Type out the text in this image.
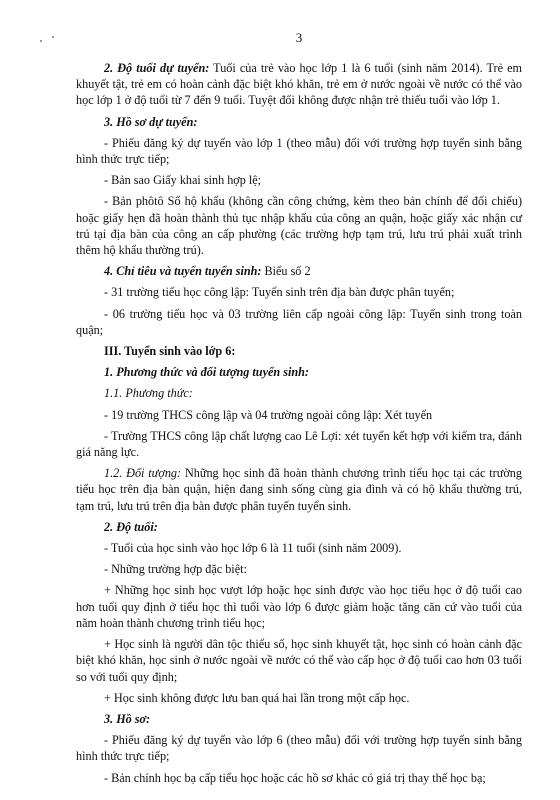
3
2. Độ tuổi dự tuyển: Tuổi của trẻ vào học lớp 1 là 6 tuổi (sinh năm 2014). Trẻ em khuyết tật, trẻ em có hoàn cảnh đặc biệt khó khăn, trẻ em ở nước ngoài về nước có thể vào học lớp 1 ở độ tuổi từ 7 đến 9 tuổi. Tuyệt đối không được nhận trẻ thiếu tuổi vào lớp 1.
3. Hồ sơ dự tuyển:
- Phiếu đăng ký dự tuyển vào lớp 1 (theo mẫu) đối với trường hợp tuyển sinh bằng hình thức trực tiếp;
- Bản sao Giấy khai sinh hợp lệ;
- Bản phôtô Sổ hộ khẩu (không cần công chứng, kèm theo bản chính để đối chiếu) hoặc giấy hẹn đã hoàn thành thủ tục nhập khẩu của công an quận, hoặc giấy xác nhận cư trú tại địa bàn của công an cấp phường (các trường hợp tạm trú, lưu trú phải xuất trình thêm hộ khẩu thường trú).
4. Chỉ tiêu và tuyển tuyển sinh: Biểu số 2
- 31 trường tiểu học công lập: Tuyển sinh trên địa bàn được phân tuyến;
- 06 trường tiểu học và 03 trường liên cấp ngoài công lập: Tuyển sinh trong toàn quận;
III. Tuyển sinh vào lớp 6:
1. Phương thức và đối tượng tuyển sinh:
1.1. Phương thức:
- 19 trường THCS công lập và 04 trường ngoài công lập: Xét tuyển
- Trường THCS công lập chất lượng cao Lê Lợi: xét tuyển kết hợp với kiểm tra, đánh giá năng lực.
1.2. Đối tượng: Những học sinh đã hoàn thành chương trình tiểu học tại các trường tiểu học trên địa bàn quận, hiện đang sinh sống cùng gia đình và có hộ khẩu thường trú, tạm trú, lưu trú trên địa bàn được phân tuyến tuyển sinh.
2. Độ tuổi:
- Tuổi của học sinh vào học lớp 6 là 11 tuổi (sinh năm 2009).
- Những trường hợp đặc biệt:
+ Những học sinh học vượt lớp hoặc học sinh được vào học tiểu học ở độ tuổi cao hơn tuổi quy định ở tiểu học thì tuổi vào lớp 6 được giảm hoặc tăng căn cứ vào tuổi của năm hoàn thành chương trình tiểu học;
+ Học sinh là người dân tộc thiểu số, học sinh khuyết tật, học sinh có hoàn cảnh đặc biệt khó khăn, học sinh ở nước ngoài về nước có thể vào cấp học ở độ tuổi cao hơn 03 tuổi so với tuổi quy định;
+ Học sinh không được lưu ban quá hai lần trong một cấp học.
3. Hồ sơ:
- Phiếu đăng ký dự tuyển vào lớp 6 (theo mẫu) đối với trường hợp tuyển sinh bằng hình thức trực tiếp;
- Bản chính học bạ cấp tiểu học hoặc các hồ sơ khác có giá trị thay thế học bạ;
